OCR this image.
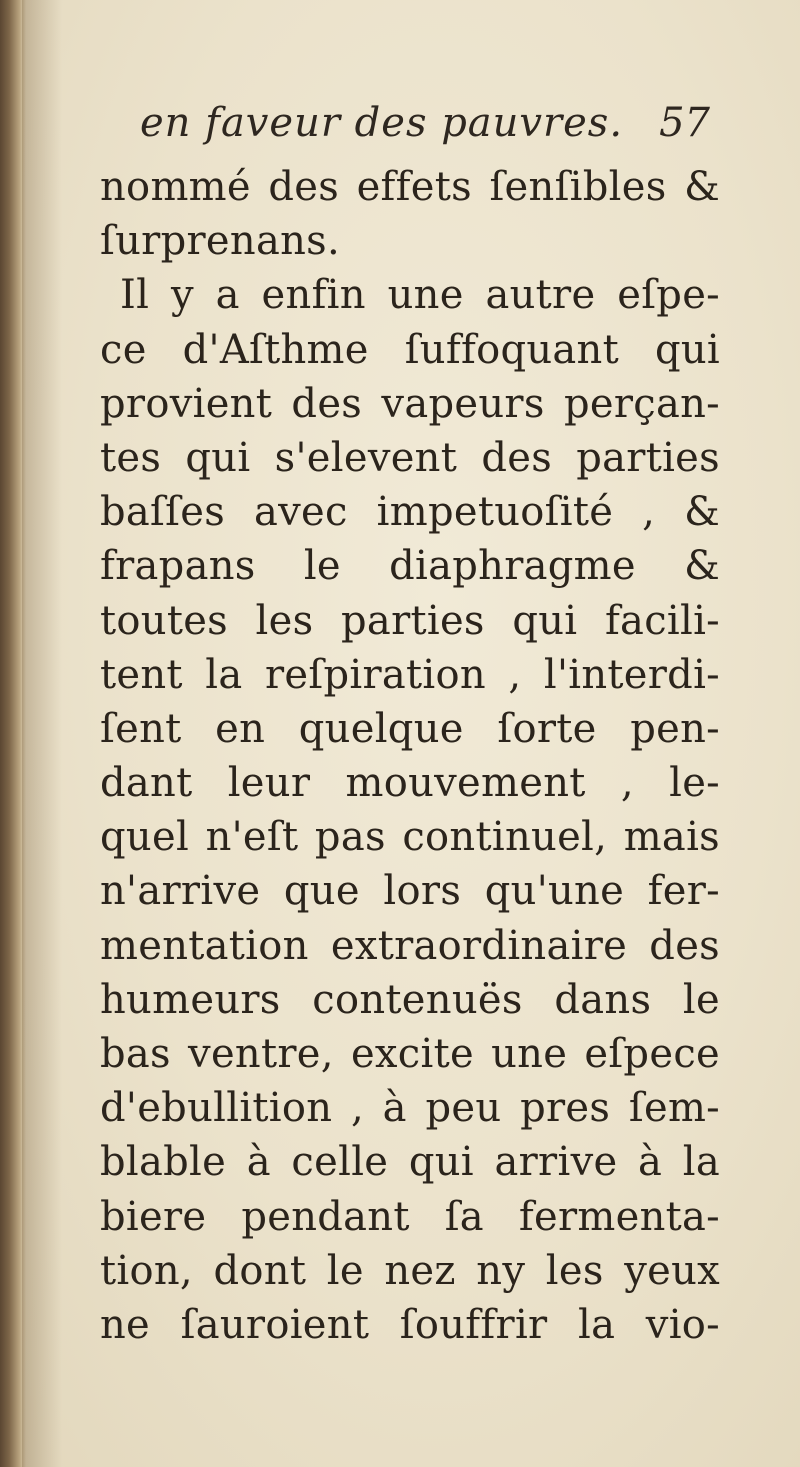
en faveur des pauvres. 57
nommé des effets ſenſibles &
ſurprenans.
Il y a enfin une autre eſpe-
ce d'Aſthme ſuffoquant qui
provient des vapeurs perçan-
tes qui s'elevent des parties
baſſes avec impetuoſité , &
frapans le diaphragme &
toutes les parties qui facili-
tent la reſpiration , l'interdi-
ſent en quelque ſorte pen-
dant leur mouvement , le-
quel n'eſt pas continuel, mais
n'arrive que lors qu'une fer-
mentation extraordinaire des
humeurs contenuës dans le
bas ventre, excite une eſpece
d'ebullition , à peu pres ſem-
blable à celle qui arrive à la
biere pendant ſa fermenta-
tion, dont le nez ny les yeux
ne ſauroient ſouffrir la vio-
